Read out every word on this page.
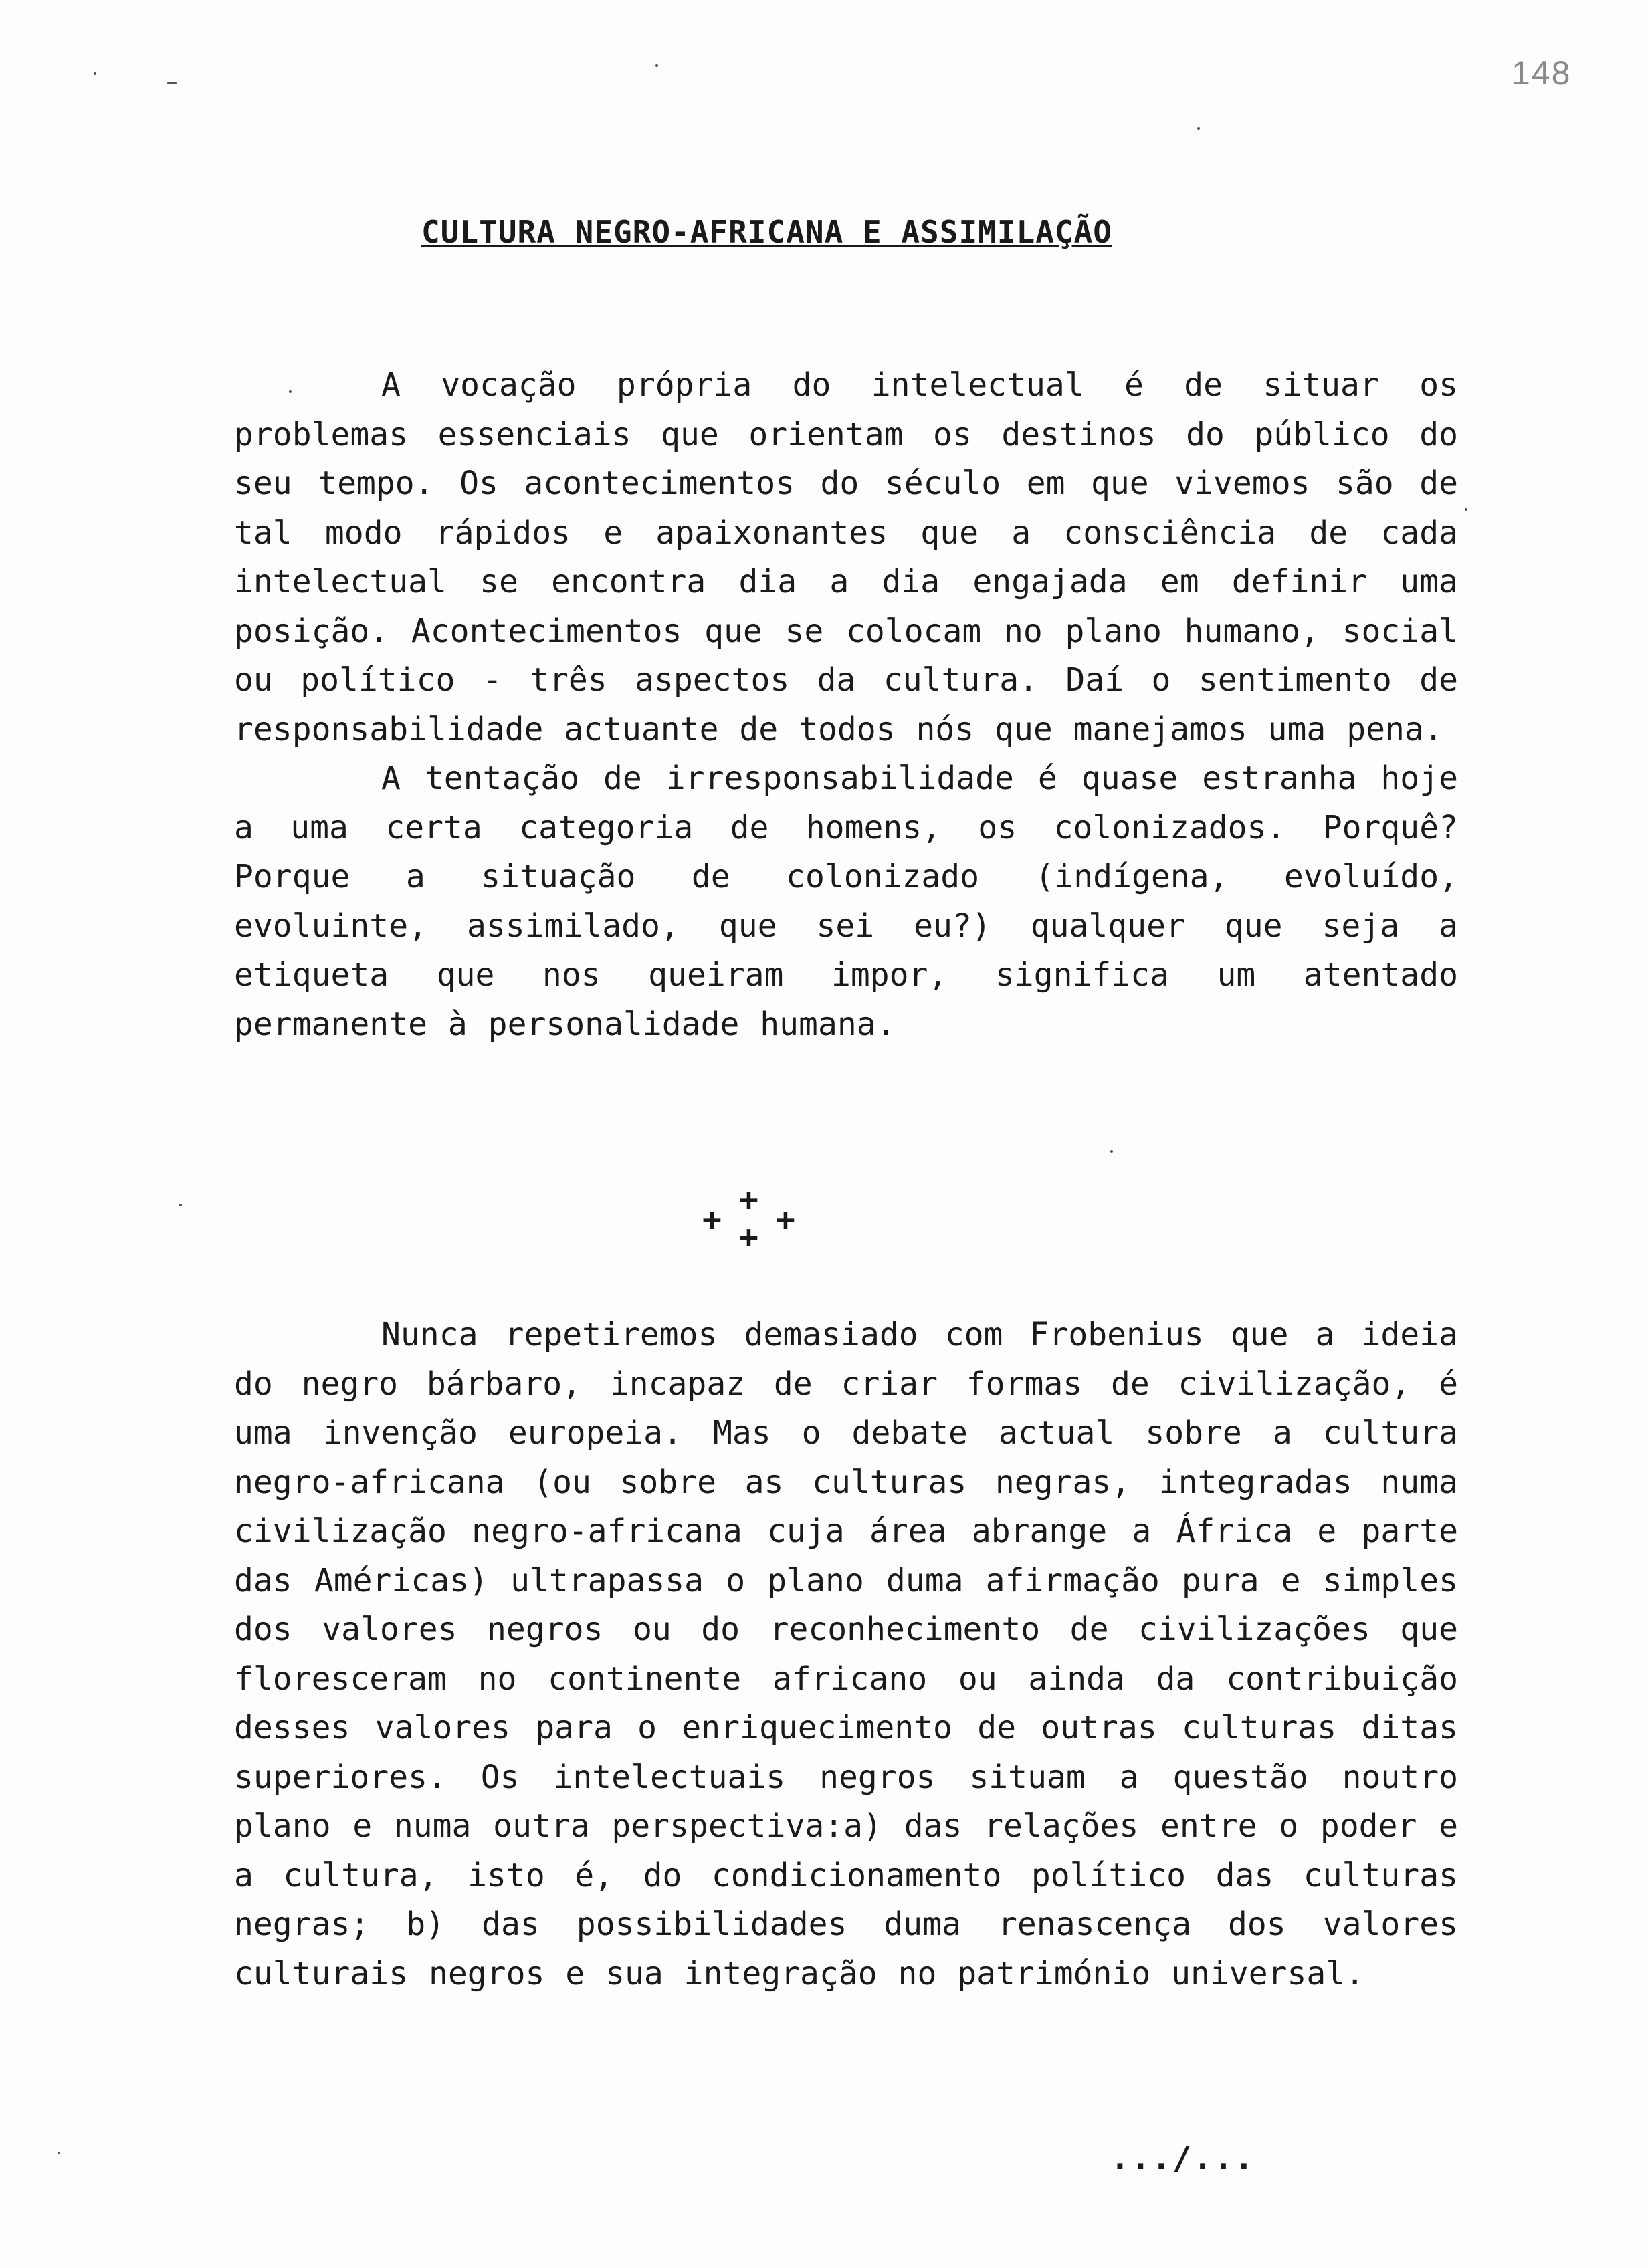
148
CULTURA NEGRO-AFRICANA E ASSIMILAÇÃO

A vocação própria do intelectual é de situar os problemas essenciais que orientam os destinos do público do seu tempo. Os acontecimentos do século em que vivemos são de tal modo rápidos e apaixonantes que a consciência de cada intelectual se encontra dia a dia engajada em definir uma posição. Acontecimentos que se colocam no plano humano, social ou político - três aspectos da cultura. Daí o sentimento de responsabilidade actuante de todos nós que manejamos uma pena.

A tentação de irresponsabilidade é quase estranha hoje a uma certa categoria de homens, os colonizados. Porquê? Porque a situação de colonizado (indígena, evoluído, evoluinte, assimilado, que sei eu?) qualquer que seja a etiqueta que nos queiram impor, significa um atentado permanente à personalidade humana.

+
+ +
+

Nunca repetiremos demasiado com Frobenius que a ideia do negro bárbaro, incapaz de criar formas de civilização, é uma invenção europeia. Mas o debate actual sobre a cultura negro-africana (ou sobre as culturas negras, integradas numa civilização negro-africana cuja área abrange a África e parte das Américas) ultrapassa o plano duma afirmação pura e simples dos valores negros ou do reconhecimento de civilizações que floresceram no continente africano ou ainda da contribuição desses valores para o enriquecimento de outras culturas ditas superiores. Os intelectuais negros situam a questão noutro plano e numa outra perspectiva:a) das relações entre o poder e a cultura, isto é, do condicionamento político das culturas negras; b) das possibilidades duma renascença dos valores culturais negros e sua integração no património universal.

.../...
